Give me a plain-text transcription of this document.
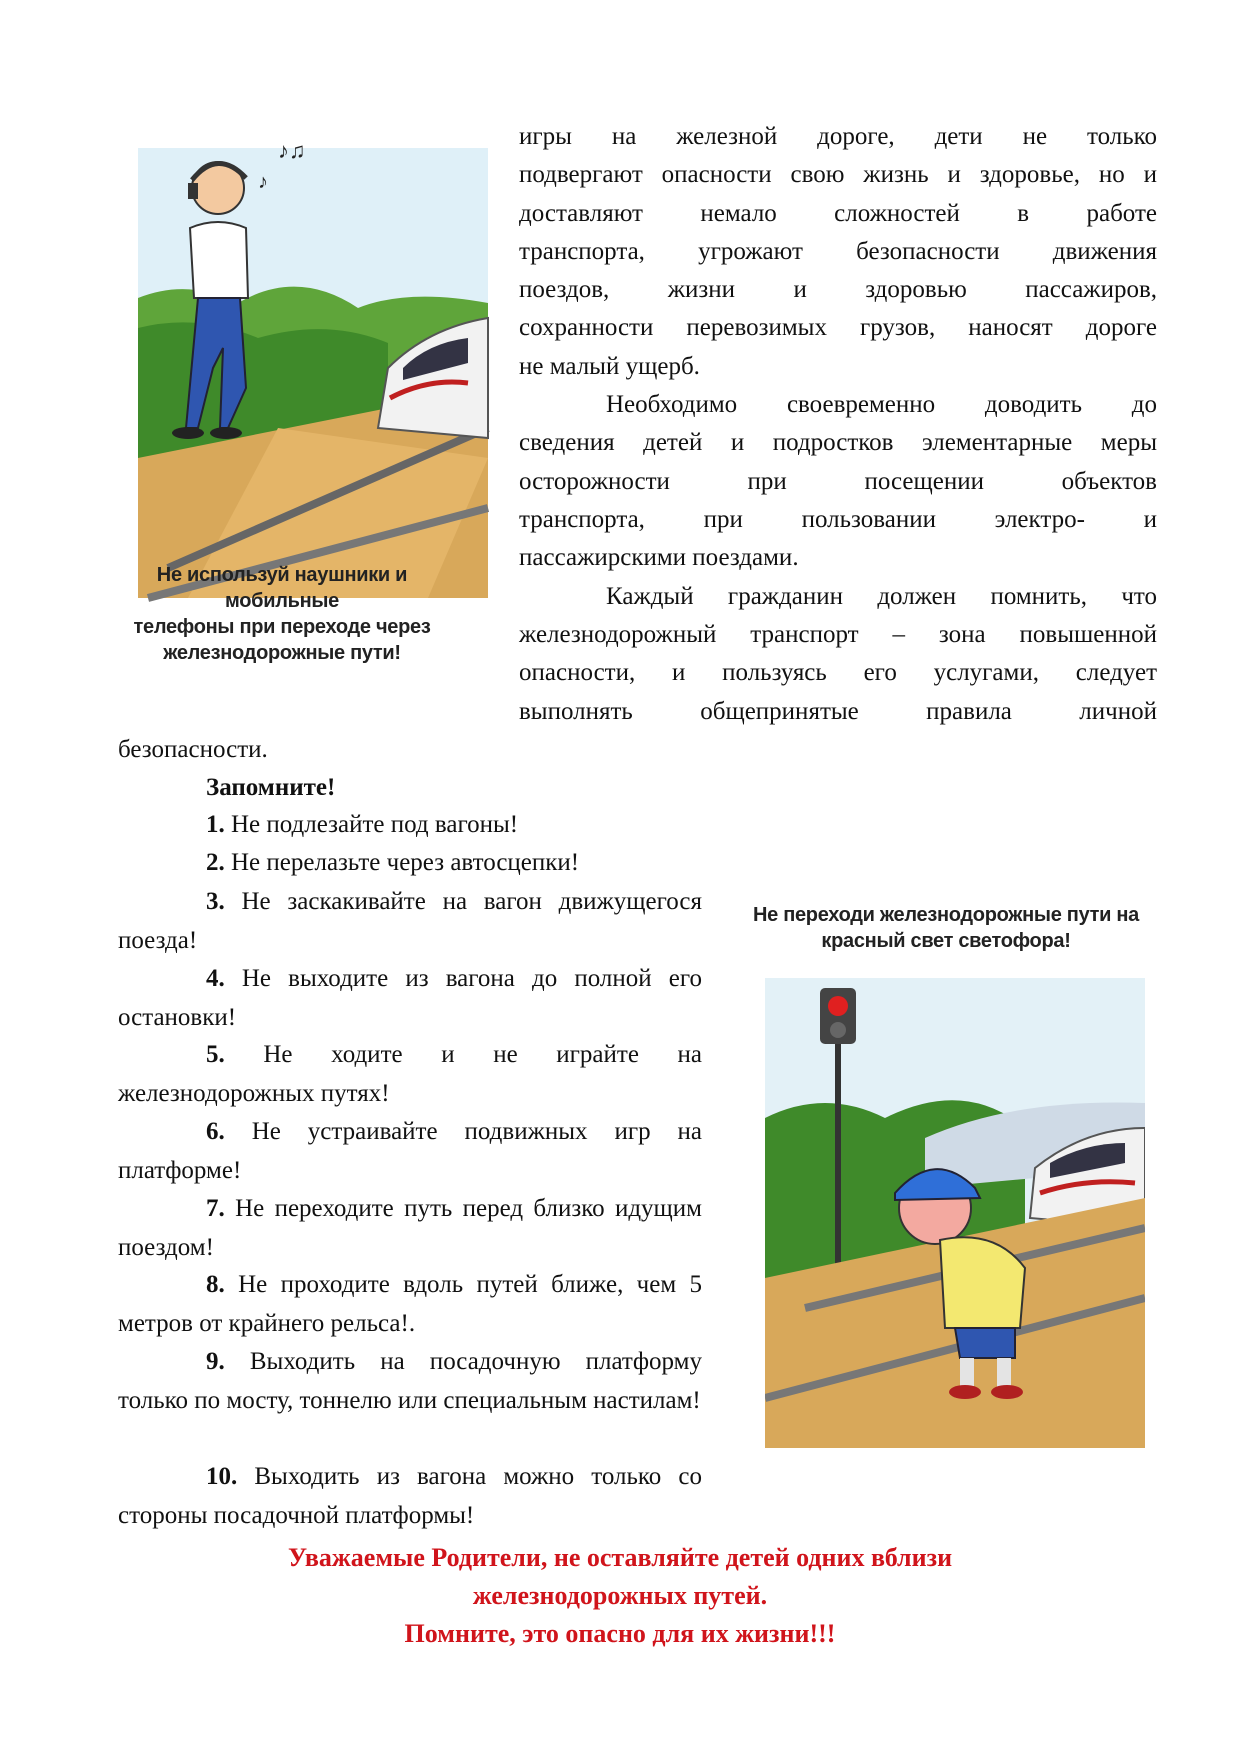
♪♫
♪
Не используй наушники и мобильные
телефоны при переходе через
железнодорожные пути!
игры на железной дороге, дети не только
подвергают опасности свою жизнь и здоровье, но и
доставляют немало сложностей в работе
транспорта, угрожают безопасности движения
поездов, жизни и здоровью пассажиров,
сохранности перевозимых грузов, наносят дороге
не малый ущерб.
Необходимо своевременно доводить до
сведения детей и подростков элементарные меры
осторожности при посещении объектов
транспорта, при пользовании электро- и
пассажирскими поездами.
Каждый гражданин должен помнить, что
железнодорожный транспорт – зона повышенной
опасности, и пользуясь его услугами, следует
выполнять общепринятые правила личной
безопасности.
Запомните!
1. Не подлезайте под вагоны!
2. Не перелазьте через автосцепки!
3. Не заскакивайте на вагон движущегося поезда!
4. Не выходите из вагона до полной его остановки!
5. Не ходите и не играйте на железнодорожных путях!
6. Не устраивайте подвижных игр на платформе!
7. Не переходите путь перед близко идущим поездом!
8. Не проходите вдоль путей ближе, чем 5 метров от крайнего рельса!.
9. Выходить на посадочную платформу только по мосту, тоннелю или специальным настилам!
10. Выходить из вагона можно только со стороны посадочной платформы!
Не переходи железнодорожные пути на
красный свет светофора!
Уважаемые Родители, не оставляйте детей одних вблизи
железнодорожных путей.
Помните, это опасно для их жизни!!!
